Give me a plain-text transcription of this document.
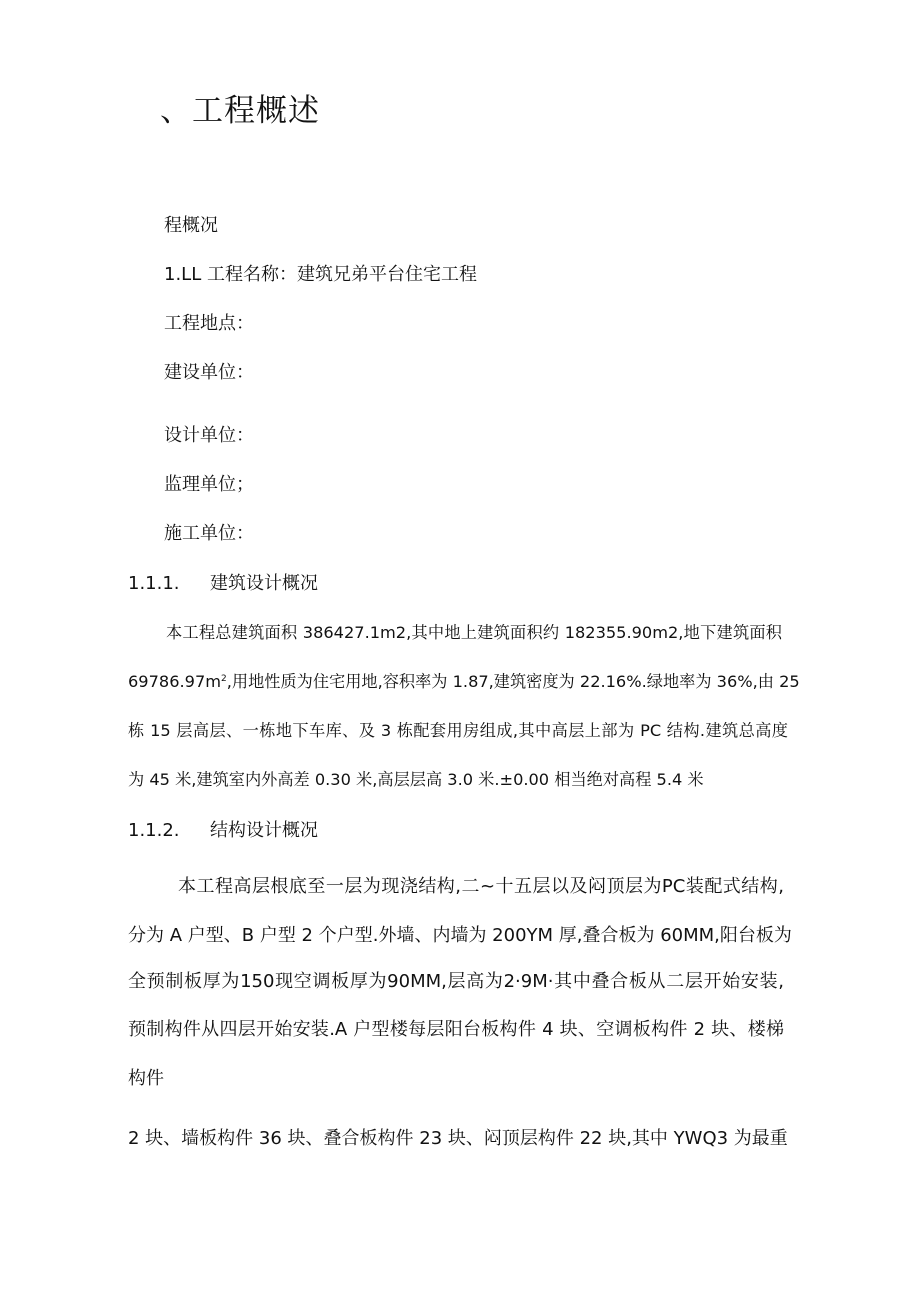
、工程概述
程概况
1.LL 工程名称：建筑兄弟平台住宅工程
工程地点：
建设单位：
设计单位：
监理单位；
施工单位：
1.1.1. 建筑设计概况
本工程总建筑面积 386427.1m2,其中地上建筑面积约 182355.90m2,地下建筑面积
$69786.97m^2$,用地性质为住宅用地,容积率为 1.87,建筑密度为 22.16%.绿地率为 36%,由 25
栋 15 层高层、一栋地下车库、及 3 栋配套用房组成,其中高层上部为 PC 结构.建筑总高度
为 45 米,建筑室内外高差 0.30 米,高层层高 3.0 米.±0.00 相当绝对高程 5.4 米
1.1.2. 结构设计概况
本工程高层根底至一层为现浇结构,二~十五层以及闷顶层为PC装配式结构,
分为 A 户型、B 户型 2 个户型.外墙、内墙为 200YM 厚,叠合板为 60MM,阳台板为
全预制板厚为150现空调板厚为90MM,层高为2·9M·其中叠合板从二层开始安装,
预制构件从四层开始安装.A 户型楼每层阳台板构件 4 块、空调板构件 2 块、楼梯
构件
2 块、墙板构件 36 块、叠合板构件 23 块、闷顶层构件 22 块,其中 YWQ3 为最重
